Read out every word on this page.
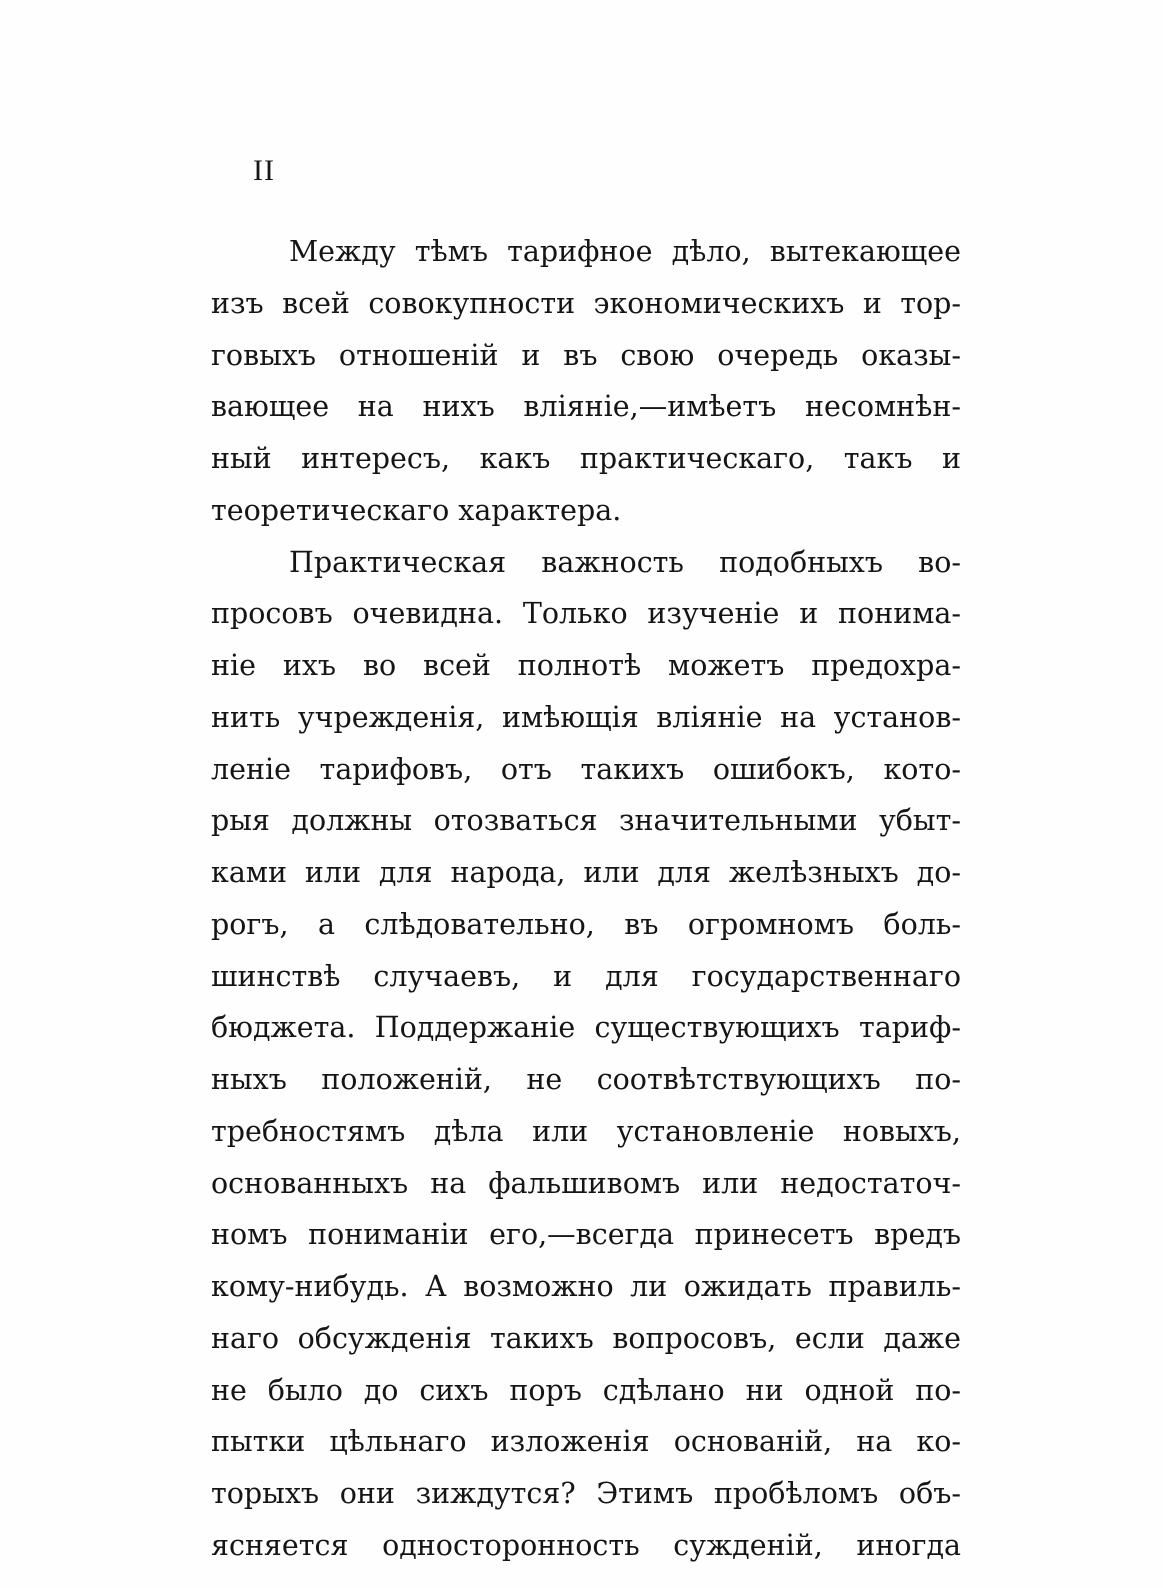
II
Между тѣмъ тарифное дѣло, вытекающее
изъ всей совокупности экономическихъ и тор-
говыхъ отношеній и въ свою очередь оказы-
вающее на нихъ вліяніе,—имѣетъ несомнѣн-
ный интересъ, какъ практическаго, такъ и
теоретическаго характера.
Практическая важность подобныхъ во-
просовъ очевидна. Только изученіе и понима-
ніе ихъ во всей полнотѣ можетъ предохра-
нить учрежденія, имѣющія вліяніе на установ-
леніе тарифовъ, отъ такихъ ошибокъ, кото-
рыя должны отозваться значительными убыт-
ками или для народа, или для желѣзныхъ до-
рогъ, а слѣдовательно, въ огромномъ боль-
шинствѣ случаевъ, и для государственнаго
бюджета. Поддержаніе существующихъ тариф-
ныхъ положеній, не соотвѣтствующихъ по-
требностямъ дѣла или установленіе новыхъ,
основанныхъ на фальшивомъ или недостаточ-
номъ пониманіи его,—всегда принесетъ вредъ
кому-нибудь. А возможно ли ожидать правиль-
наго обсужденія такихъ вопросовъ, если даже
не было до сихъ поръ сдѣлано ни одной по-
пытки цѣльнаго изложенія основаній, на ко-
торыхъ они зиждутся? Этимъ пробѣломъ объ-
ясняется односторонность сужденій, иногда
